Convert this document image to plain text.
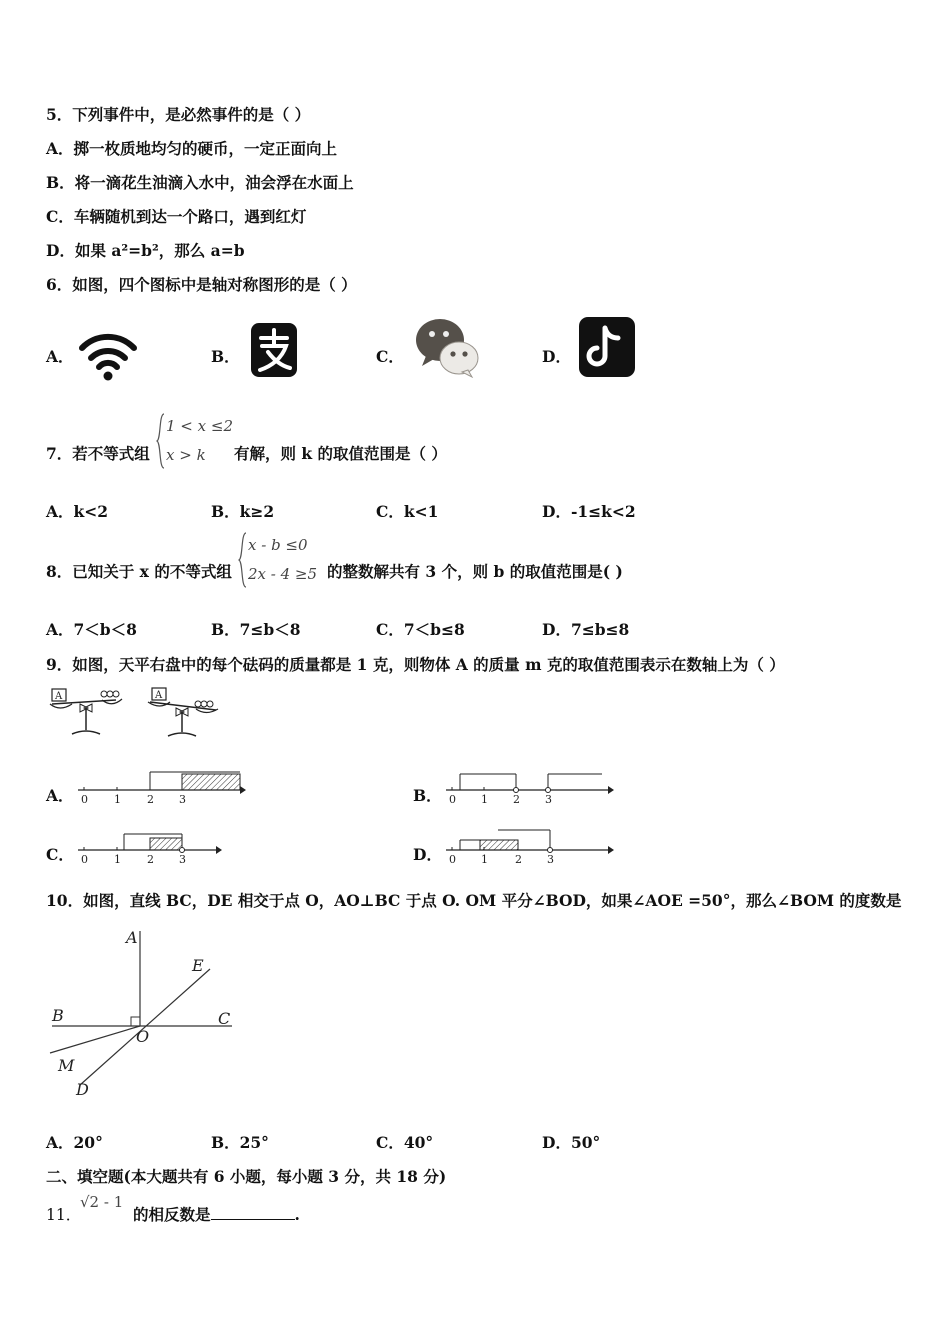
5．下列事件中，是必然事件的是（ ）
A．掷一枚质地均匀的硬币，一定正面向上
B．将一滴花生油滴入水中，油会浮在水面上
C．车辆随机到达一个路口，遇到红灯
D．如果 a²=b²，那么 a=b
6．如图，四个图标中是轴对称图形的是（ ）
A．	B．	C．	D．
7．若不等式组
1 < x ≤2
x > k 有解，则 k 的取值范围是（ ）
A．k<2	B．k≥2	C．k<1	D．-1≤k<2
8．已知关于 x 的不等式组
x - b ≤0
2x - 4 ≥5 的整数解共有 3 个，则 b 的取值范围是( )
A．7＜b＜8	B．7≤b＜8	C．7＜b≤8	D．7≤b≤8
9．如图，天平右盘中的每个砝码的质量都是 1 克，则物体 A 的质量 m 克的取值范围表示在数轴上为（ ）
A	A
A． 0 1 2 3	B． 0 1 2 3
C． 0 1 2 3	D． 0 1 2 3
10．如图，直线 BC，DE 相交于点 O，AO⊥BC 于点 O. OM 平分∠BOD，如果∠AOE =50°，那么∠BOM 的度数是
A
E
B	C
O
M
D
A．20°	B．25°	C．40°	D．50°
二、填空题(本大题共有 6 小题，每小题 3 分，共 18 分)
11．
√2 - 1
的相反数是	.
